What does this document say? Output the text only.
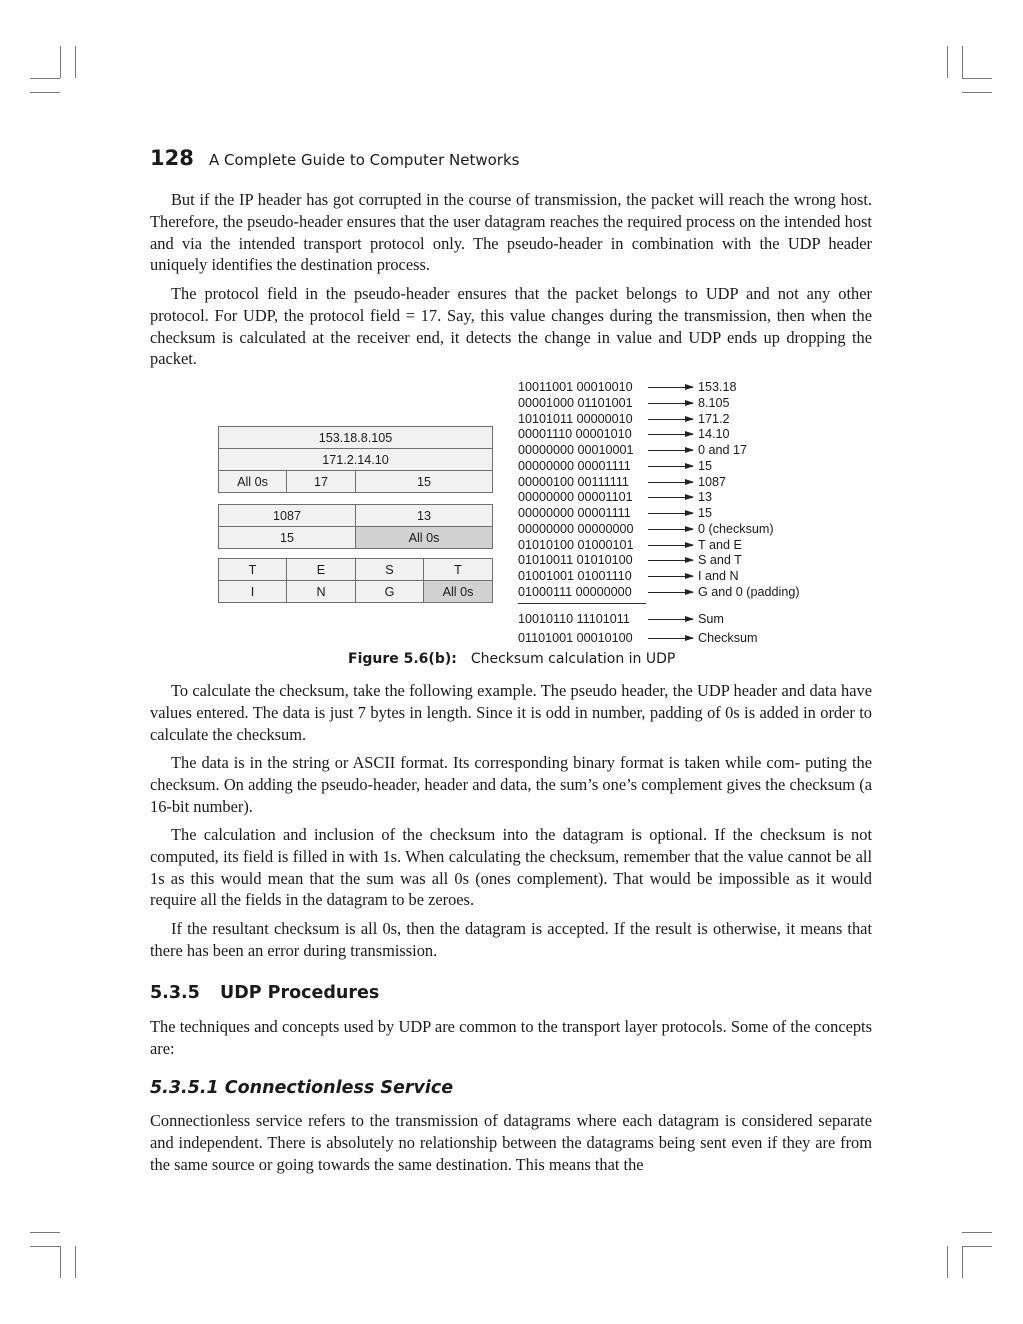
128 A Complete Guide to Computer Networks

But if the IP header has got corrupted in the course of transmission, the packet will reach the wrong host. Therefore, the pseudo-header ensures that the user datagram reaches the required process on the intended host and via the intended transport protocol only. The pseudo-header in combination with the UDP header uniquely identifies the destination process.

The protocol field in the pseudo-header ensures that the packet belongs to UDP and not any other protocol. For UDP, the protocol field = 17. Say, this value changes during the transmission, then when the checksum is calculated at the receiver end, it detects the change in value and UDP ends up dropping the packet.

153.18.8.105
171.2.14.10
All 0s	17	15
1087	13
15	All 0s
T	E	S	T
I	N	G	All 0s
10011001 00010010	153.18
00001000 01101001	8.105
10101011 00000010	171.2
00001110 00001010	14.10
00000000 00010001	0 and 17
00000000 00001111	15
00000100 00111111	1087
00000000 00001101	13
00000000 00001111	15
00000000 00000000	0 (checksum)
01010100 01000101	T and E
01010011 01010100	S and T
01001001 01001110	I and N
01000111 00000000	G and 0 (padding)
10010110 11101011	Sum
01101001 00010100	Checksum
Figure 5.6(b): Checksum calculation in UDP

To calculate the checksum, take the following example. The pseudo header, the UDP header and data have values entered. The data is just 7 bytes in length. Since it is odd in number, padding of 0s is added in order to calculate the checksum.

The data is in the string or ASCII format. Its corresponding binary format is taken while com- puting the checksum. On adding the pseudo-header, header and data, the sum’s one’s complement gives the checksum (a 16-bit number).

The calculation and inclusion of the checksum into the datagram is optional. If the checksum is not computed, its field is filled in with 1s. When calculating the checksum, remember that the value cannot be all 1s as this would mean that the sum was all 0s (ones complement). That would be impossible as it would require all the fields in the datagram to be zeroes.

If the resultant checksum is all 0s, then the datagram is accepted. If the result is otherwise, it means that there has been an error during transmission.

5.3.5 UDP Procedures

The techniques and concepts used by UDP are common to the transport layer protocols. Some of the concepts are:

5.3.5.1 Connectionless Service

Connectionless service refers to the transmission of datagrams where each datagram is considered separate and independent. There is absolutely no relationship between the datagrams being sent even if they are from the same source or going towards the same destination. This means that the
